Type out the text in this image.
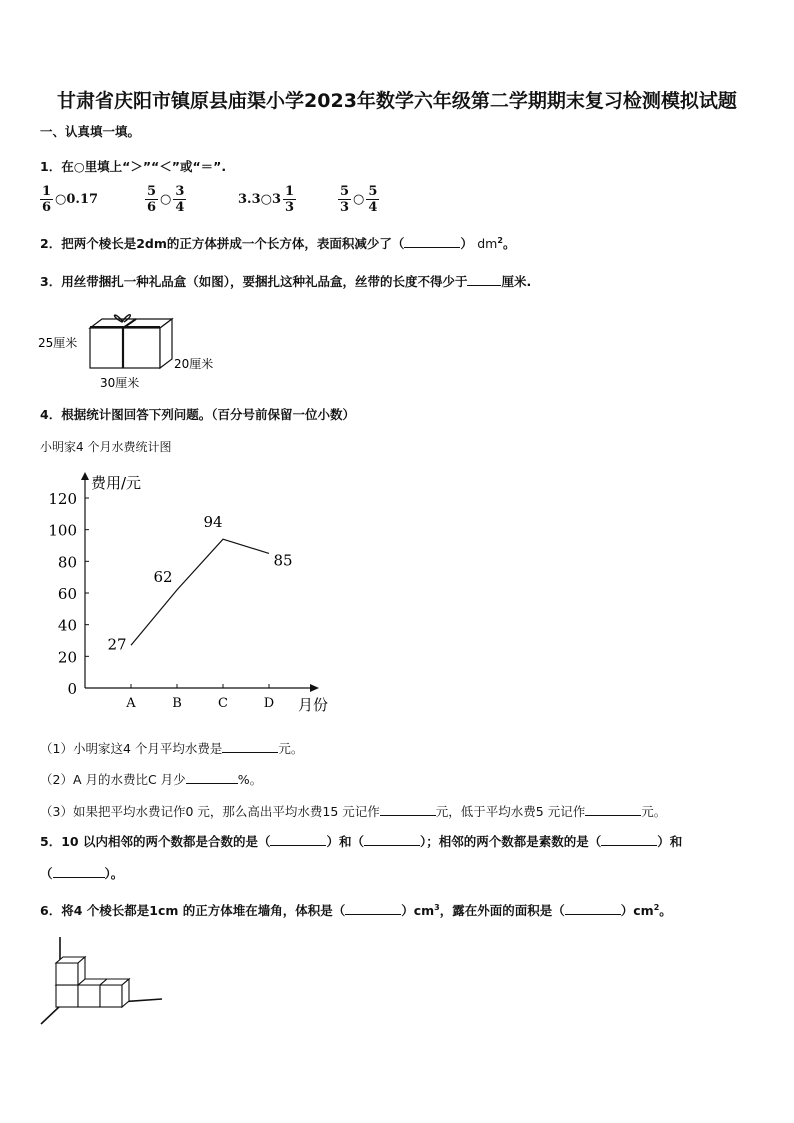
甘肃省庆阳市镇原县庙渠小学2023年数学六年级第二学期期末复习检测模拟试题
一、认真填一填。
1．在○里填上“＞”“＜”或“＝”.
$\frac{1}{6}$ ○0.17	$\frac{5}{6}$ ○ $\frac{3}{4}$	3.3○3 $\frac{1}{3}$	$\frac{5}{3}$ ○ $\frac{5}{4}$
2．把两个棱长是2dm的正方体拼成一个长方体，表面积减少了（	） $dm^2$。
3．用丝带捆扎一种礼品盒（如图），要捆扎这种礼品盒，丝带的长度不得少于	厘米.
25厘米
20厘米
30厘米
4．根据统计图回答下列问题。（百分号前保留一位小数）
小明家4 个月水费统计图
0
20
40
60
80
100
120
费用/元
A	B	C	D 月份
27
62
94
85
（1）小明家这4 个月平均水费是	元。
（2）A 月的水费比C 月少	%。
（3）如果把平均水费记作0 元，那么高出平均水费15 元记作	元，低于平均水费5 元记作	元。
5．10 以内相邻的两个数都是合数的是（	）和（	）；相邻的两个数都是素数的是（	）和
（	）。
6．将4 个棱长都是1cm 的正方体堆在墙角，体积是（	）$cm^3$，露在外面的面积是（	）$cm^2$。
